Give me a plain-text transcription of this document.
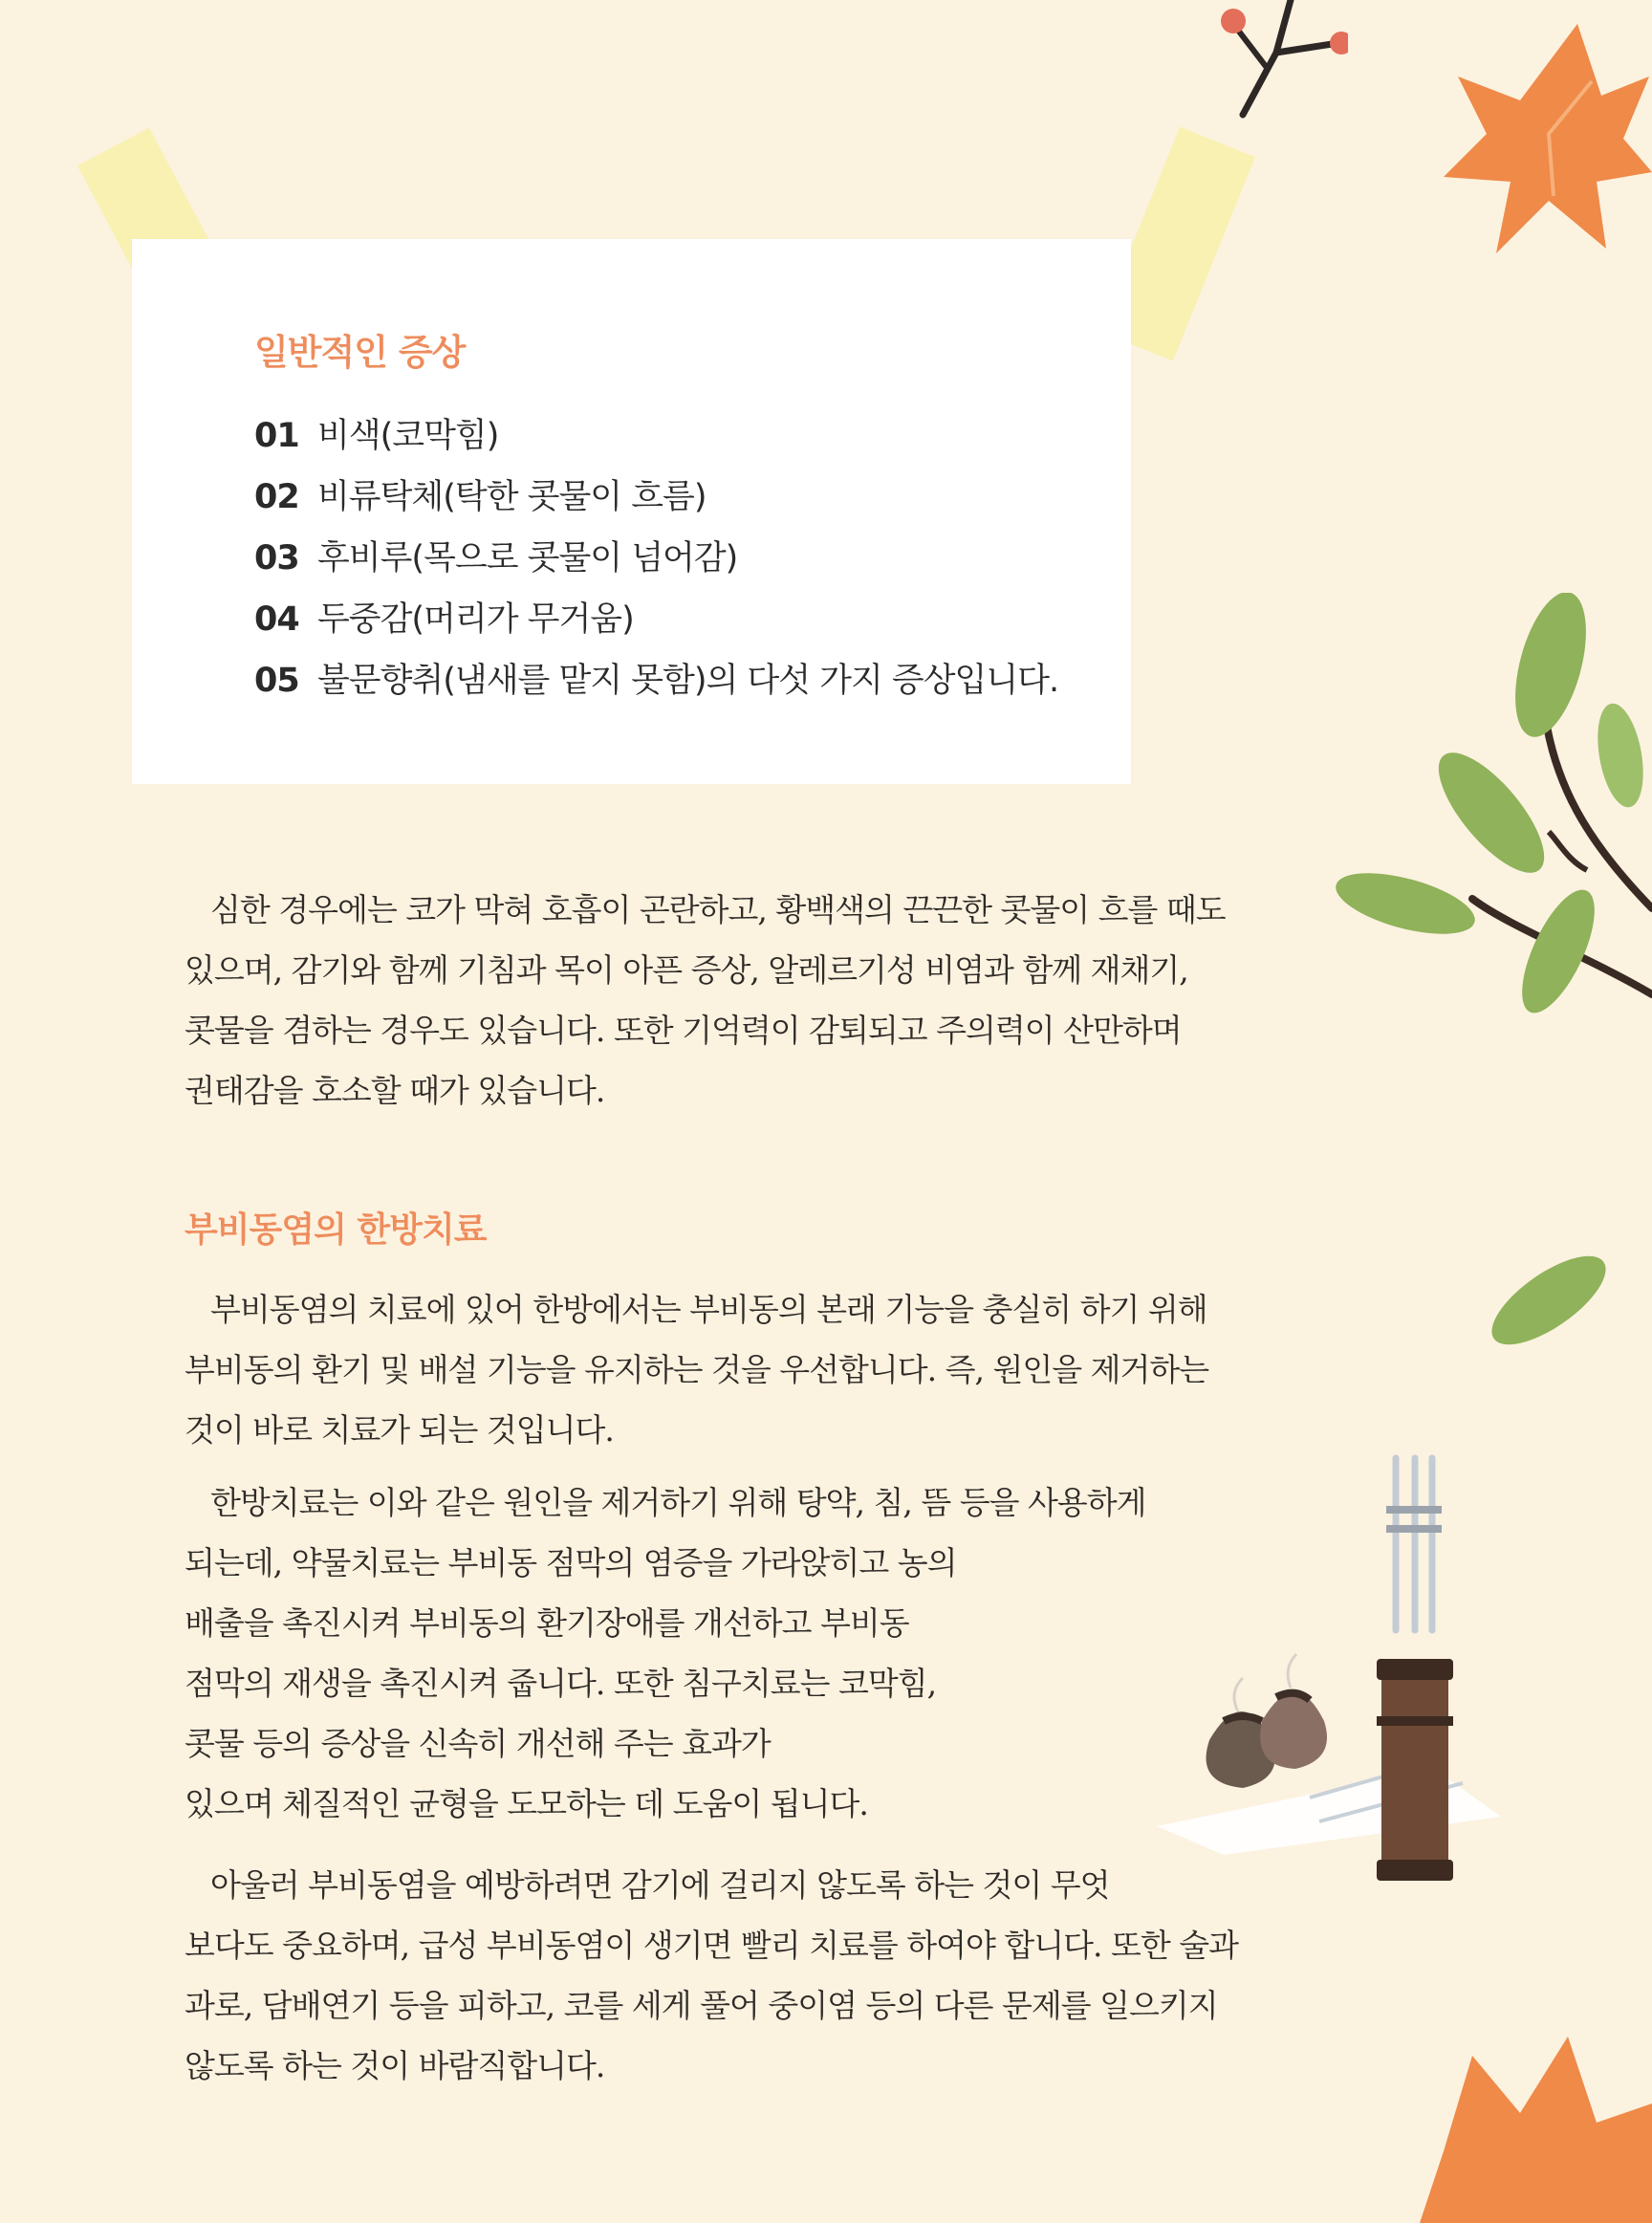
일반적인 증상
01 비색(코막힘)
02 비류탁체(탁한 콧물이 흐름)
03 후비루(목으로 콧물이 넘어감)
04 두중감(머리가 무거움)
05 불문향취(냄새를 맡지 못함)의 다섯 가지 증상입니다.

심한 경우에는 코가 막혀 호흡이 곤란하고, 황백색의 끈끈한 콧물이 흐를 때도
있으며, 감기와 함께 기침과 목이 아픈 증상, 알레르기성 비염과 함께 재채기,
콧물을 겸하는 경우도 있습니다. 또한 기억력이 감퇴되고 주의력이 산만하며
권태감을 호소할 때가 있습니다.

부비동염의 한방치료

부비동염의 치료에 있어 한방에서는 부비동의 본래 기능을 충실히 하기 위해
부비동의 환기 및 배설 기능을 유지하는 것을 우선합니다. 즉, 원인을 제거하는
것이 바로 치료가 되는 것입니다.

한방치료는 이와 같은 원인을 제거하기 위해 탕약, 침, 뜸 등을 사용하게
되는데, 약물치료는 부비동 점막의 염증을 가라앉히고 농의
배출을 촉진시켜 부비동의 환기장애를 개선하고 부비동
점막의 재생을 촉진시켜 줍니다. 또한 침구치료는 코막힘,
콧물 등의 증상을 신속히 개선해 주는 효과가
있으며 체질적인 균형을 도모하는 데 도움이 됩니다.

아울러 부비동염을 예방하려면 감기에 걸리지 않도록 하는 것이 무엇
보다도 중요하며, 급성 부비동염이 생기면 빨리 치료를 하여야 합니다. 또한 술과
과로, 담배연기 등을 피하고, 코를 세게 풀어 중이염 등의 다른 문제를 일으키지
않도록 하는 것이 바람직합니다.
